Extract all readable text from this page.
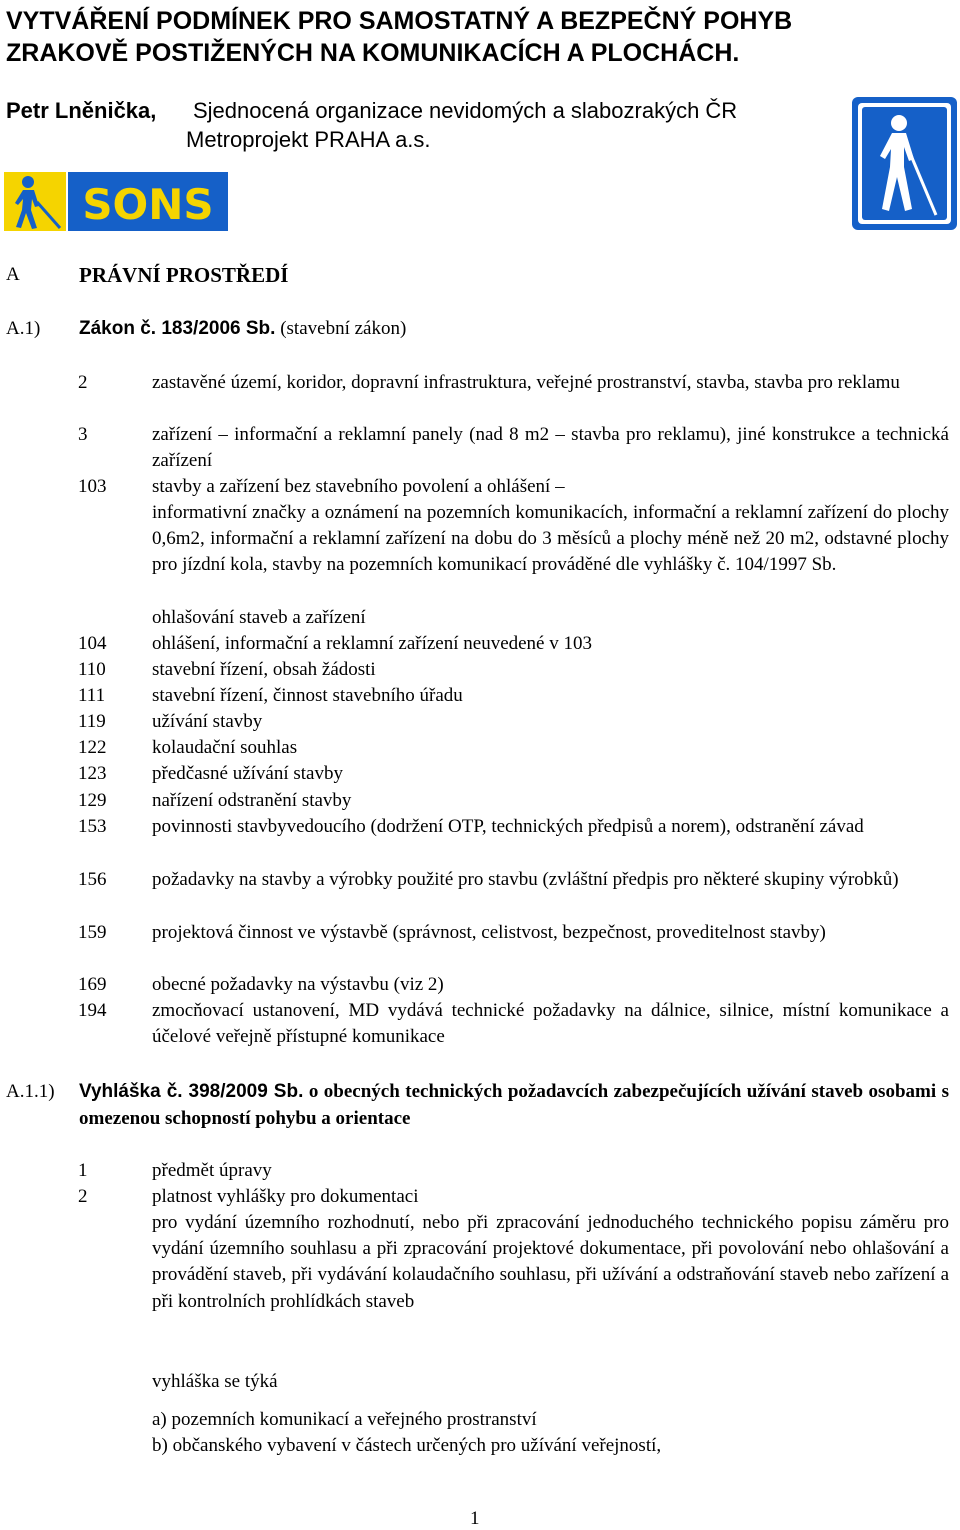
VYTVÁŘENÍ PODMÍNEK PRO SAMOSTATNÝ A BEZPEČNÝ POHYB
ZRAKOVĚ POSTIŽENÝCH NA KOMUNIKACÍCH A PLOCHÁCH.
Petr Lněnička, Sjednocená organizace nevidomých a slabozrakých ČR
Metroprojekt PRAHA a.s.
SONS
A	PRÁVNÍ PROSTŘEDÍ
A.1) Zákon č. 183/2006 Sb. (stavební zákon)
2	zastavěné území, koridor, dopravní infrastruktura, veřejné prostranství, stavba, stavba pro reklamu
3	zařízení – informační a reklamní panely (nad 8 m2 – stavba pro reklamu), jiné konstrukce a technická zařízení
103 stavby a zařízení bez stavebního povolení a ohlášení –
informativní značky a oznámení na pozemních komunikacích, informační a reklamní zařízení do plochy 0,6m2, informační a reklamní zařízení na dobu do 3 měsíců a plochy méně než 20 m2, odstavné plochy pro jízdní kola, stavby na pozemních komunikací prováděné dle vyhlášky č. 104/1997 Sb.
ohlašování staveb a zařízení
104 ohlášení, informační a reklamní zařízení neuvedené v 103
110 stavební řízení, obsah žádosti
111 stavební řízení, činnost stavebního úřadu
119 užívání stavby
122 kolaudační souhlas
123 předčasné užívání stavby
129 nařízení odstranění stavby
153 povinnosti stavbyvedoucího (dodržení OTP, technických předpisů a norem), odstranění závad
156 požadavky na stavby a výrobky použité pro stavbu (zvláštní předpis pro některé skupiny výrobků)
159 projektová činnost ve výstavbě (správnost, celistvost, bezpečnost, proveditelnost stavby)
169 obecné požadavky na výstavbu (viz 2)
194 zmocňovací ustanovení, MD vydává technické požadavky na dálnice, silnice, místní komunikace a účelové veřejně přístupné komunikace
A.1.1) Vyhláška č. 398/2009 Sb. o obecných technických požadavcích zabezpečujících užívání staveb osobami s omezenou schopností pohybu a orientace
1	předmět úpravy
2	platnost vyhlášky pro dokumentaci
pro vydání územního rozhodnutí, nebo při zpracování jednoduchého technického popisu záměru pro vydání územního souhlasu a při zpracování projektové dokumentace, při povolování nebo ohlašování a provádění staveb, při vydávání kolaudačního souhlasu, při užívání a odstraňování staveb nebo zařízení a při kontrolních prohlídkách staveb
vyhláška se týká
a) pozemních komunikací a veřejného prostranství
b) občanského vybavení v částech určených pro užívání veřejností,
1
